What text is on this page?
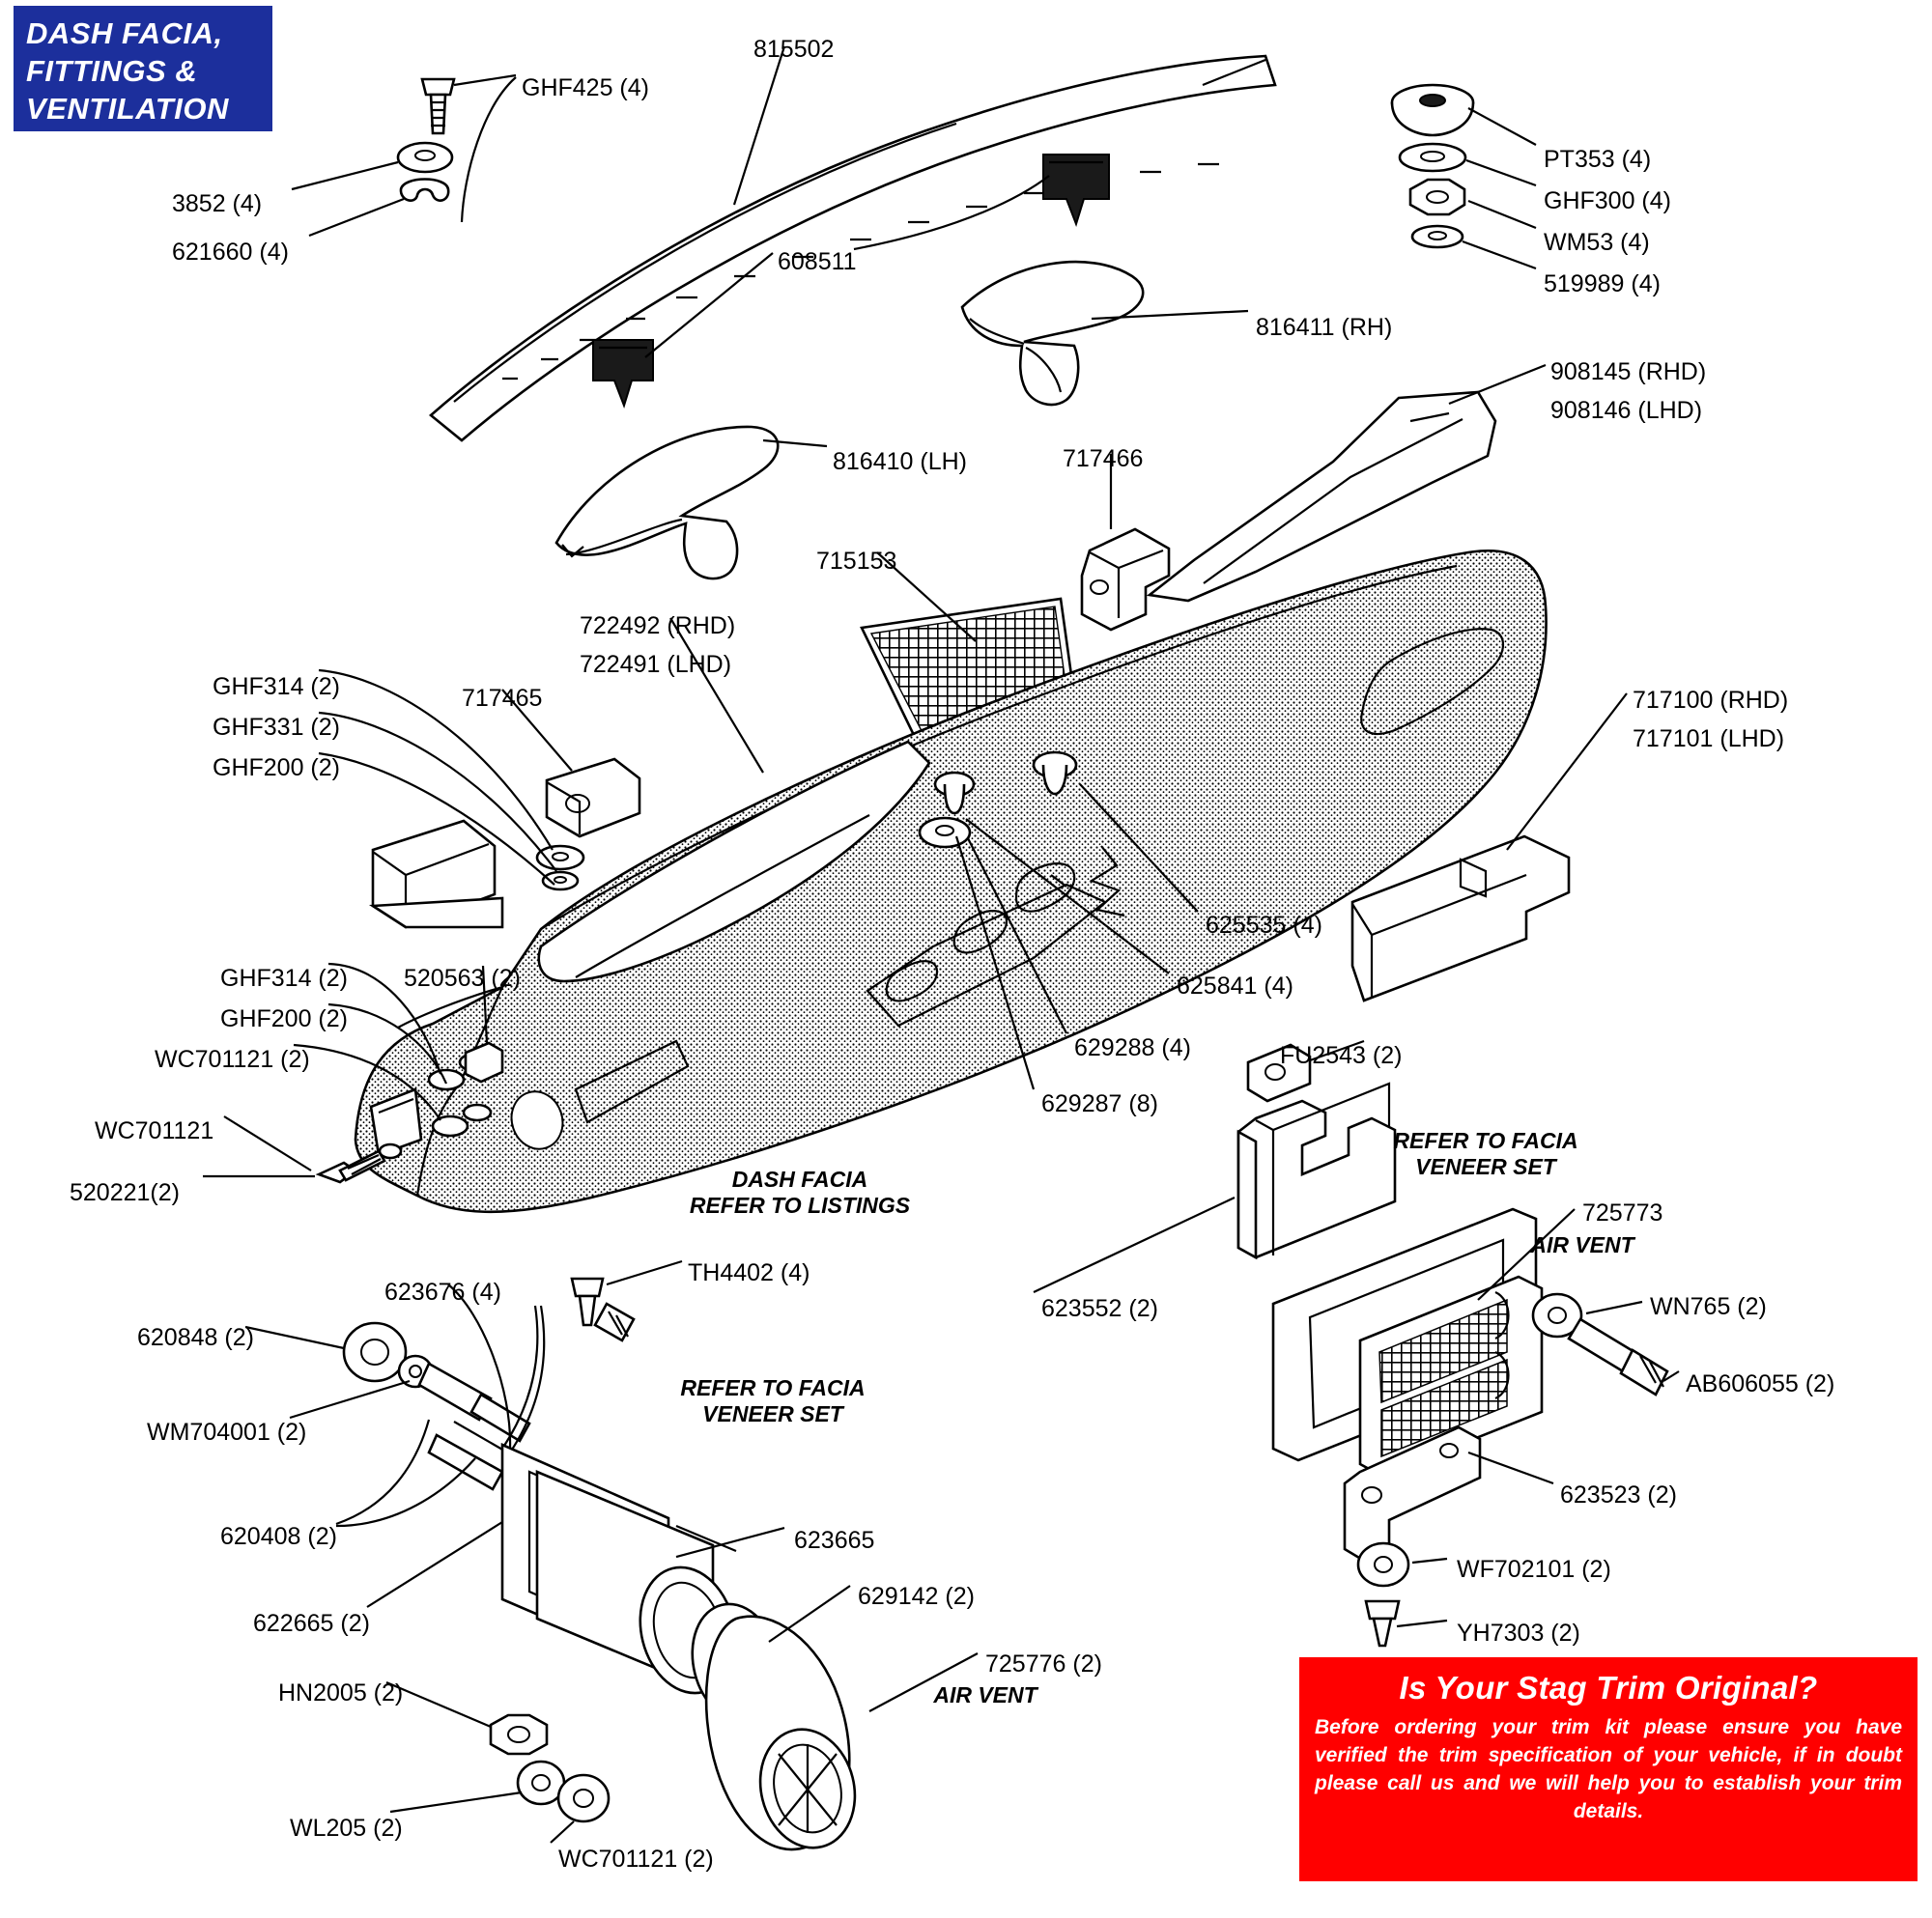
DASH FACIA,
FITTINGS &
VENTILATION
Is Your Stag Trim Original?
Before ordering your trim kit please ensure you have verified the trim specification of your vehicle, if in doubt please call us and we will help you to establish your trim details.
GHF425 (4)
815502
3852 (4)
621660 (4)	608511
PT353 (4)
GHF300 (4)
WM53 (4)
519989 (4)
816411 (RH)
908145 (RHD)
908146 (LHD)
816410 (LH)	717466
715153
722492 (RHD)
722491 (LHD)
GHF314 (2)
GHF331 (2)
GHF200 (2)
717465	717100 (RHD)
717101 (LHD)
625535 (4)
625841 (4)
629288 (4)
629287 (8)
GHF314 (2)
GHF200 (2)
WC701121 (2)
520563 (2)
WC701121
520221(2)
FU2543 (2)
623552 (2)
725773
WN765 (2)
AB606055 (2)
623523 (2)
WF702101 (2)
YH7303 (2)
TH4402 (4)
623676 (4)
620848 (2)
WM704001 (2)
620408 (2)
622665 (2)
623665
629142 (2)
725776 (2)
HN2005 (2)
WL205 (2)
WC701121 (2)
DASH FACIA
REFER TO LISTINGS
REFER TO FACIA
VENEER SET
AIR VENT
REFER TO FACIA
VENEER SET
AIR VENT
